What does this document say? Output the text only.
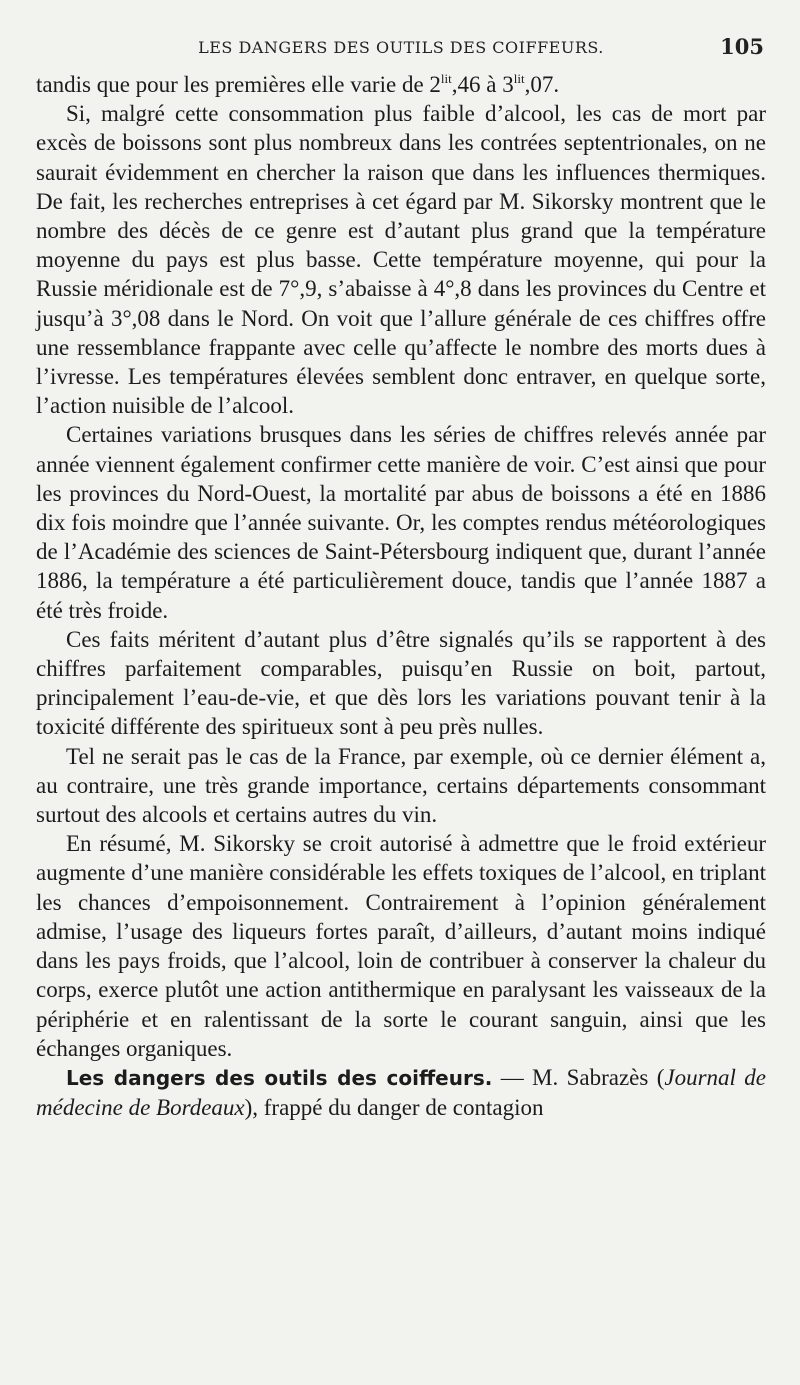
LES DANGERS DES OUTILS DES COIFFEURS.	105

tandis que pour les premières elle varie de $2^{lit},46$ à $3^{lit},07$.

Si, malgré cette consommation plus faible d’alcool, les cas de mort par excès de boissons sont plus nombreux dans les contrées septentrionales, on ne saurait évidemment en chercher la raison que dans les influences thermiques. De fait, les recherches entreprises à cet égard par M. Sikorsky montrent que le nombre des décès de ce genre est d’autant plus grand que la température moyenne du pays est plus basse. Cette température moyenne, qui pour la Russie méridionale est de 7°,9, s’abaisse à 4°,8 dans les provinces du Centre et jusqu’à 3°,08 dans le Nord. On voit que l’allure générale de ces chiffres offre une ressemblance frappante avec celle qu’affecte le nombre des morts dues à l’ivresse. Les températures élevées semblent donc entraver, en quelque sorte, l’action nuisible de l’alcool.

Certaines variations brusques dans les séries de chiffres relevés année par année viennent également confirmer cette manière de voir. C’est ainsi que pour les provinces du Nord-Ouest, la mortalité par abus de boissons a été en 1886 dix fois moindre que l’année suivante. Or, les comptes rendus météorologiques de l’Académie des sciences de Saint-Pétersbourg indiquent que, durant l’année 1886, la température a été particulièrement douce, tandis que l’année 1887 a été très froide.

Ces faits méritent d’autant plus d’être signalés qu’ils se rapportent à des chiffres parfaitement comparables, puisqu’en Russie on boit, partout, principalement l’eau-de-vie, et que dès lors les variations pouvant tenir à la toxicité différente des spiritueux sont à peu près nulles.

Tel ne serait pas le cas de la France, par exemple, où ce dernier élément a, au contraire, une très grande importance, certains départements consommant surtout des alcools et certains autres du vin.

En résumé, M. Sikorsky se croit autorisé à admettre que le froid extérieur augmente d’une manière considérable les effets toxiques de l’alcool, en triplant les chances d’empoisonnement. Contrairement à l’opinion généralement admise, l’usage des liqueurs fortes paraît, d’ailleurs, d’autant moins indiqué dans les pays froids, que l’alcool, loin de contribuer à conserver la chaleur du corps, exerce plutôt une action antithermique en paralysant les vaisseaux de la périphérie et en ralentissant de la sorte le courant sanguin, ainsi que les échanges organiques.

Les dangers des outils des coiffeurs. — M. Sabrazès (Journal de médecine de Bordeaux), frappé du danger de contagion
